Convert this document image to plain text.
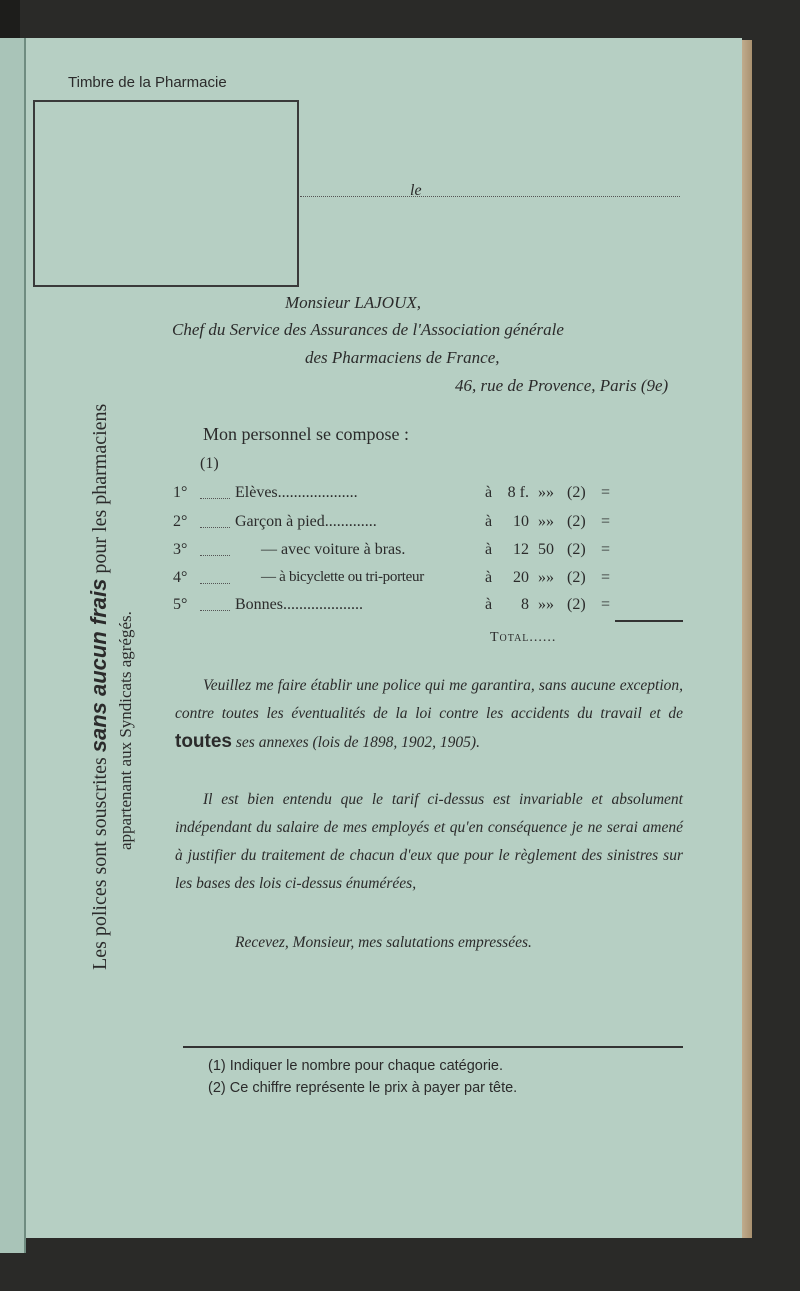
Timbre de la Pharmacie
le
Monsieur LAJOUX,
Chef du Service des Assurances de l'Association générale
des Pharmaciens de France,
46, rue de Provence, Paris (9e)
Mon personnel se compose :
(1)
1°	Elèves....................	à 8 f. »» (2) =
2°	Garçon à pied.............	à	10 »» (2) =
3°	— avec voiture à bras.	à	12 50 (2) =
4°	— à bicyclette ou tri-porteur	à	20 »» (2) =
5°	Bonnes....................	à	8 »» (2) =
Total......
Veuillez me faire établir une police qui me garantira, sans aucune exception, contre toutes les éventualités de la loi contre les accidents du travail et de toutes ses annexes (lois de 1898, 1902, 1905).
Il est bien entendu que le tarif ci-dessus est invariable et absolument indépendant du salaire de mes employés et qu'en conséquence je ne serai amené à justifier du traitement de chacun d'eux que pour le règlement des sinistres sur les bases des lois ci-dessus énumérées,
Recevez, Monsieur, mes salutations empressées.
(1) Indiquer le nombre pour chaque catégorie.
(2) Ce chiffre représente le prix à payer par tête.
Les polices sont souscrites sans aucun frais pour les pharmaciens
appartenant aux Syndicats agrégés.
